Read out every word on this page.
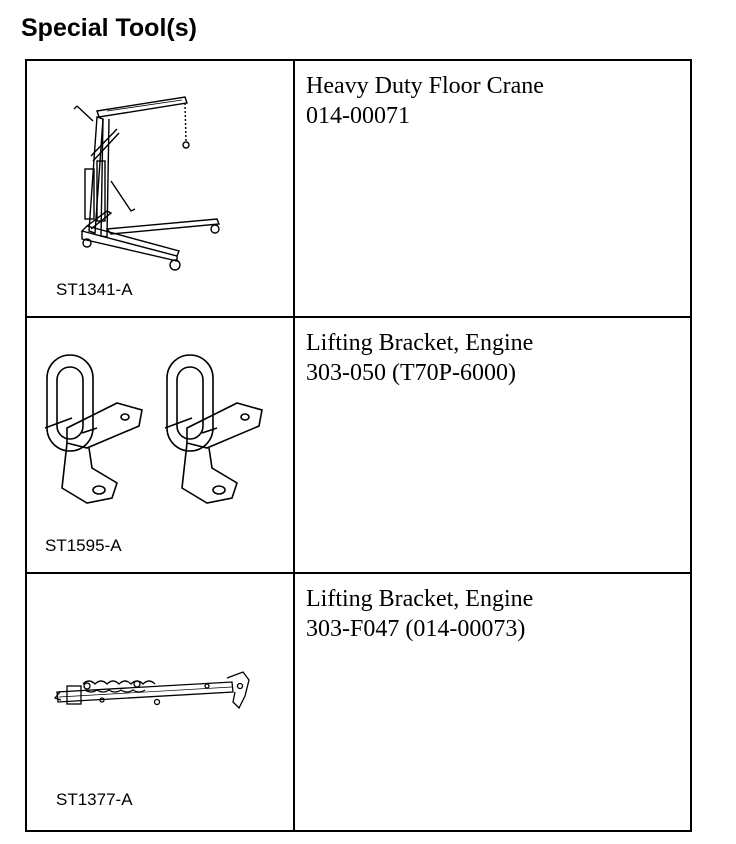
Special Tool(s)
ST1341-A	Heavy Duty Floor Crane
014-00071

ST1595-A	Lifting Bracket, Engine
303-050 (T70P-6000)

ST1377-A	Lifting Bracket, Engine
303-F047 (014-00073)
